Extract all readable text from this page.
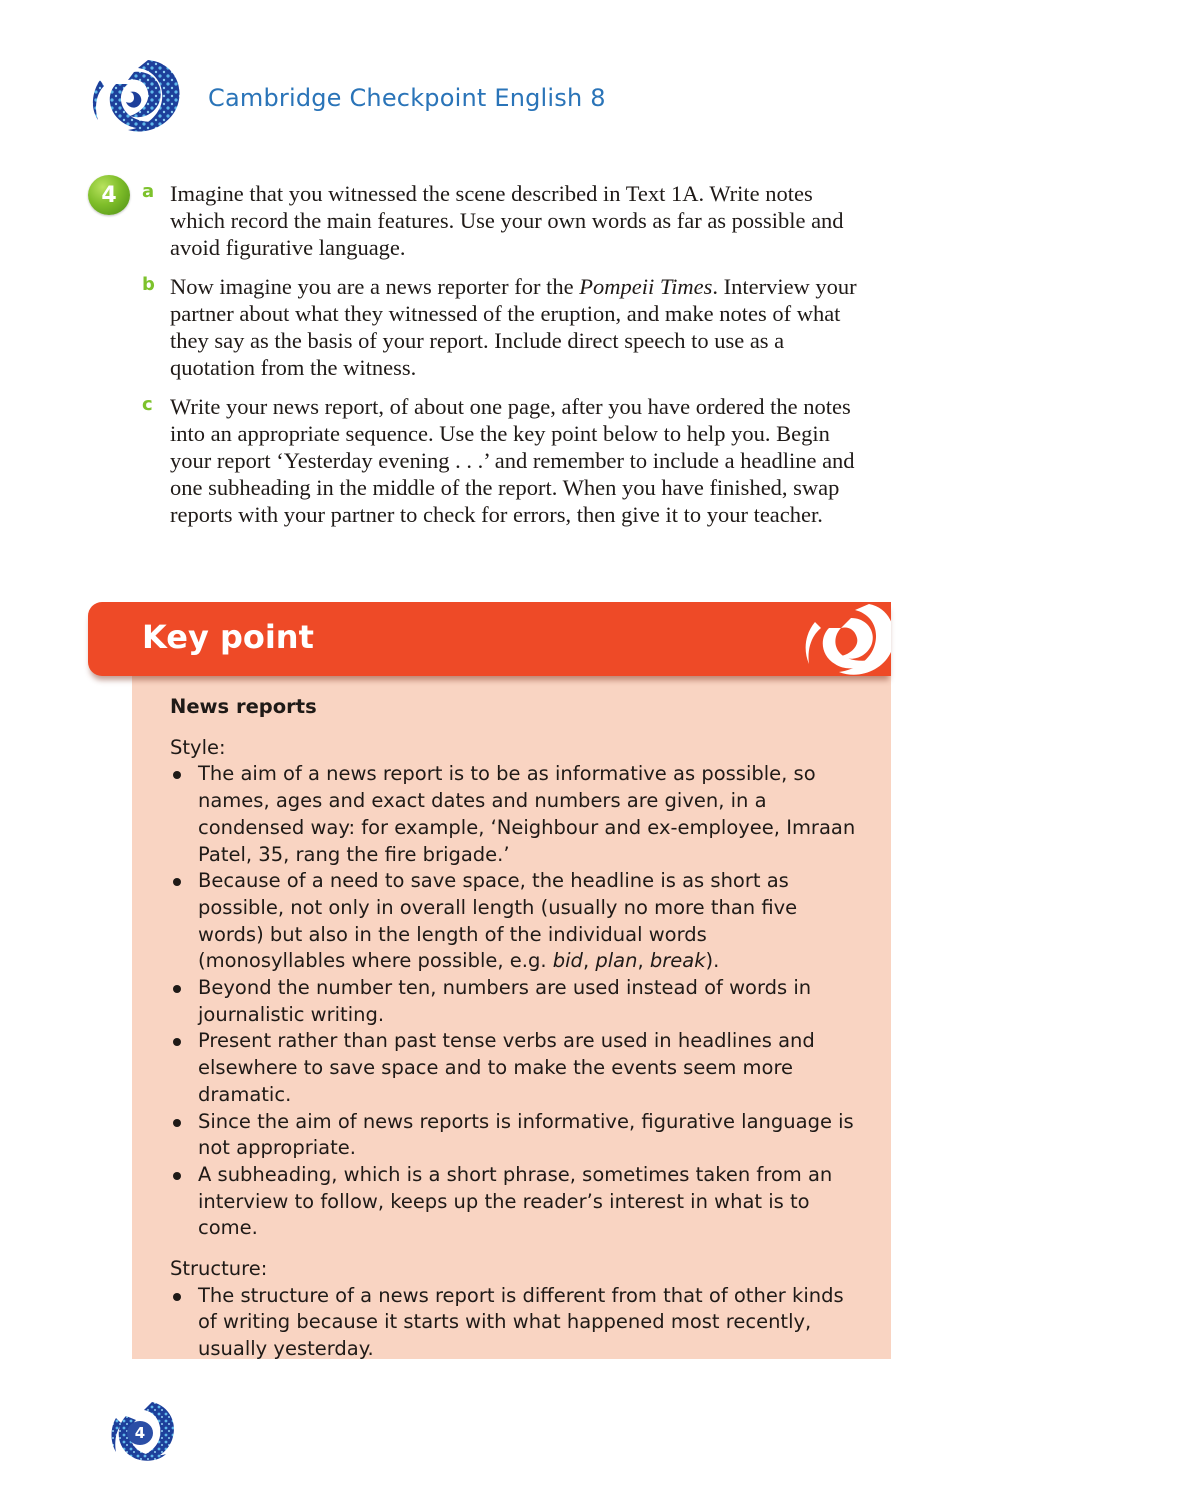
Cambridge Checkpoint English 8
4	a Imagine that you witnessed the scene described in Text 1A. Write notes which record the main features. Use your own words as far as possible and avoid figurative language.

b Now imagine you are a news reporter for the Pompeii Times. Interview your partner about what they witnessed of the eruption, and make notes of what they say as the basis of your report. Include direct speech to use as a quotation from the witness.

c Write your news report, of about one page, after you have ordered the notes into an appropriate sequence. Use the key point below to help you. Begin your report ‘Yesterday evening . . .’ and remember to include a headline and one subheading in the middle of the report. When you have finished, swap reports with your partner to check for errors, then give it to your teacher.

Key point
News reports
Style:
The aim of a news report is to be as informative as possible, so names, ages and exact dates and numbers are given, in a condensed way: for example, ‘Neighbour and ex-employee, Imraan Patel, 35, rang the fire brigade.’
Because of a need to save space, the headline is as short as possible, not only in overall length (usually no more than five words) but also in the length of the individual words (monosyllables where possible, e.g. bid, plan, break).
Beyond the number ten, numbers are used instead of words in journalistic writing.
Present rather than past tense verbs are used in headlines and elsewhere to save space and to make the events seem more dramatic.
Since the aim of news reports is informative, figurative language is not appropriate.
A subheading, which is a short phrase, sometimes taken from an interview to follow, keeps up the reader’s interest in what is to come.
Structure:
The structure of a news report is different from that of other kinds of writing because it starts with what happened most recently, usually yesterday.
4
